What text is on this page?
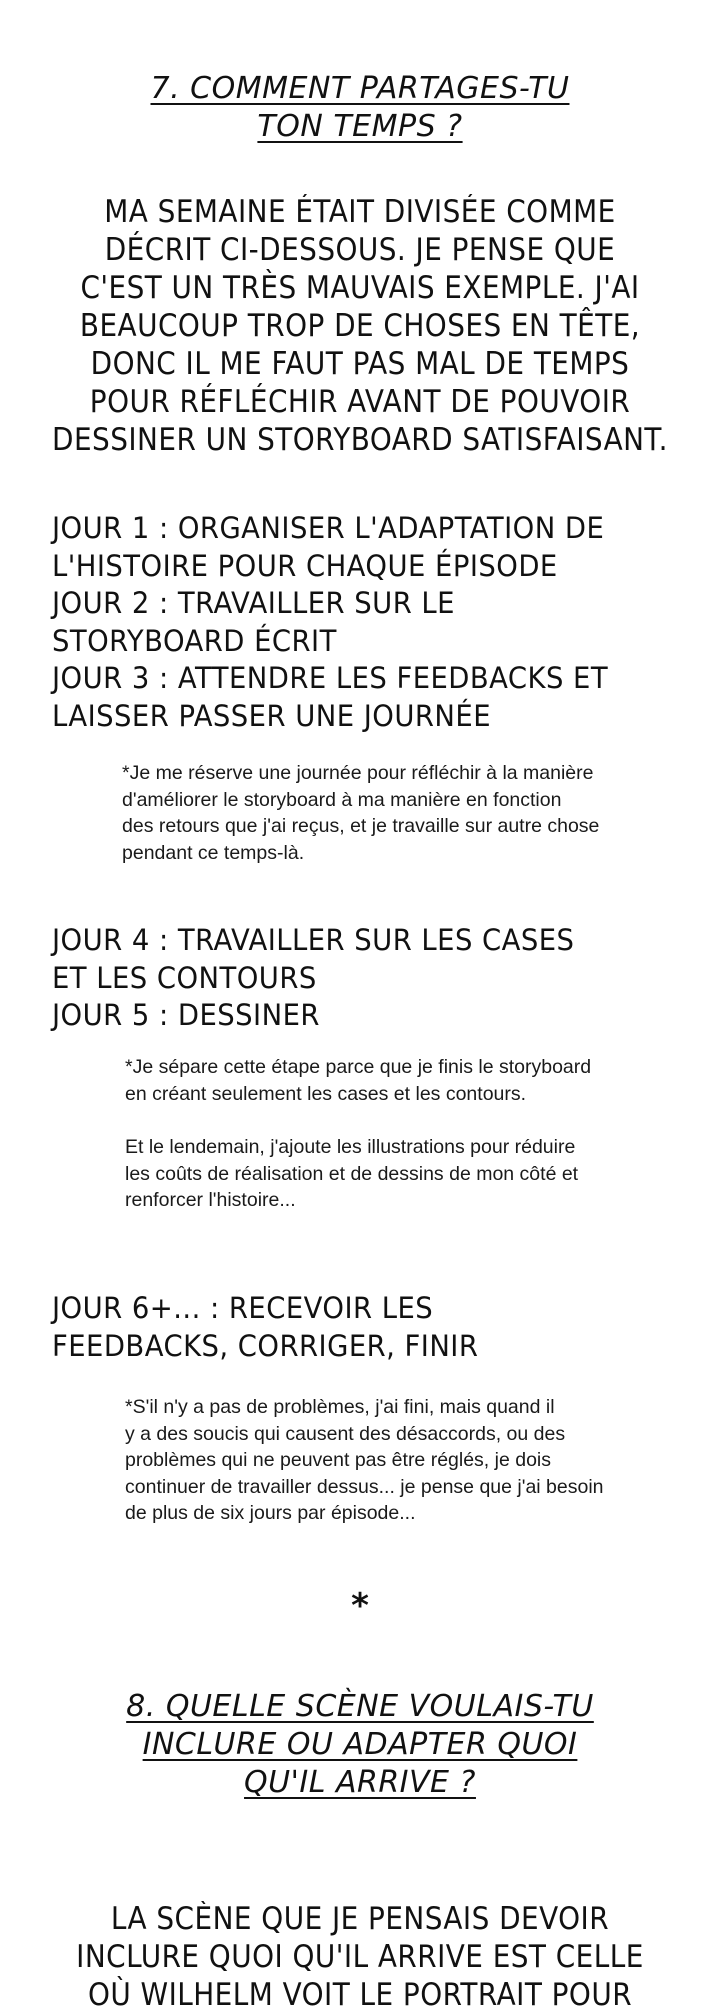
7. COMMENT PARTAGES-TU
TON TEMPS ?
MA SEMAINE ÉTAIT DIVISÉE COMME
DÉCRIT CI-DESSOUS. JE PENSE QUE
C'EST UN TRÈS MAUVAIS EXEMPLE. J'AI
BEAUCOUP TROP DE CHOSES EN TÊTE,
DONC IL ME FAUT PAS MAL DE TEMPS
POUR RÉFLÉCHIR AVANT DE POUVOIR
DESSINER UN STORYBOARD SATISFAISANT.
JOUR 1 : ORGANISER L'ADAPTATION DE
L'HISTOIRE POUR CHAQUE ÉPISODE
JOUR 2 : TRAVAILLER SUR LE
STORYBOARD ÉCRIT
JOUR 3 : ATTENDRE LES FEEDBACKS ET
LAISSER PASSER UNE JOURNÉE
*Je me réserve une journée pour réfléchir à la manière
d'améliorer le storyboard à ma manière en fonction
des retours que j'ai reçus, et je travaille sur autre chose
pendant ce temps-là.
JOUR 4 : TRAVAILLER SUR LES CASES
ET LES CONTOURS
JOUR 5 : DESSINER

*Je sépare cette étape parce que je finis le storyboard
en créant seulement les cases et les contours.

Et le lendemain, j'ajoute les illustrations pour réduire
les coûts de réalisation et de dessins de mon côté et
renforcer l'histoire...

JOUR 6+... : RECEVOIR LES
FEEDBACKS, CORRIGER, FINIR
*S'il n'y a pas de problèmes, j'ai fini, mais quand il
y a des soucis qui causent des désaccords, ou des
problèmes qui ne peuvent pas être réglés, je dois
continuer de travailler dessus... je pense que j'ai besoin
de plus de six jours par épisode...
*
8. QUELLE SCÈNE VOULAIS-TU
INCLURE OU ADAPTER QUOI
QU'IL ARRIVE ?
LA SCÈNE QUE JE PENSAIS DEVOIR
INCLURE QUOI QU'IL ARRIVE EST CELLE
OÙ WILHELM VOIT LE PORTRAIT POUR
